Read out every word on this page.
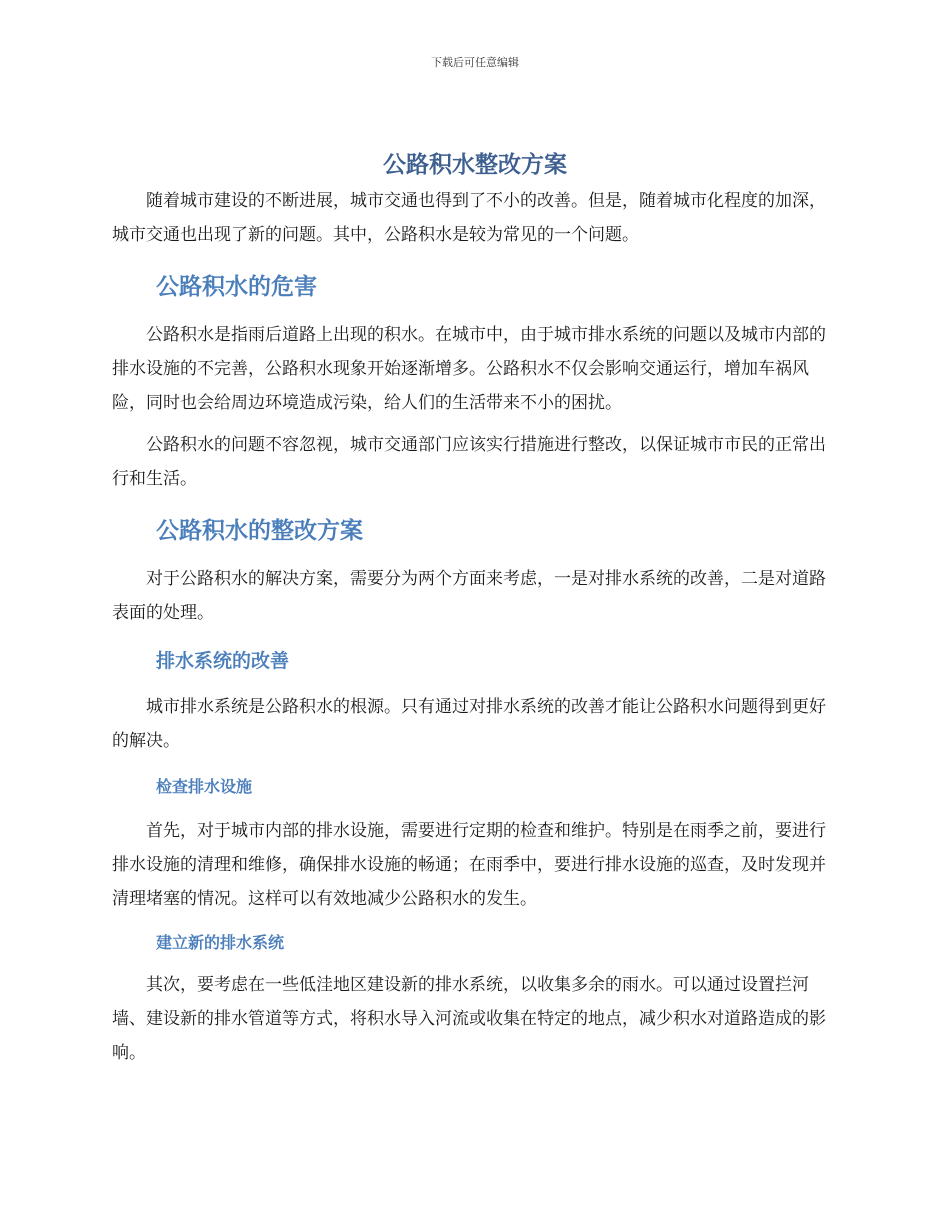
下载后可任意编辑
公路积水整改方案

随着城市建设的不断进展，城市交通也得到了不小的改善。但是，随着城市化程度的加深，城市交通也出现了新的问题。其中，公路积水是较为常见的一个问题。

公路积水的危害

公路积水是指雨后道路上出现的积水。在城市中，由于城市排水系统的问题以及城市内部的排水设施的不完善，公路积水现象开始逐渐增多。公路积水不仅会影响交通运行，增加车祸风险，同时也会给周边环境造成污染，给人们的生活带来不小的困扰。

公路积水的问题不容忽视，城市交通部门应该实行措施进行整改，以保证城市市民的正常出行和生活。

公路积水的整改方案

对于公路积水的解决方案，需要分为两个方面来考虑，一是对排水系统的改善，二是对道路表面的处理。

排水系统的改善

城市排水系统是公路积水的根源。只有通过对排水系统的改善才能让公路积水问题得到更好的解决。

检查排水设施

首先，对于城市内部的排水设施，需要进行定期的检查和维护。特别是在雨季之前，要进行排水设施的清理和维修，确保排水设施的畅通；在雨季中，要进行排水设施的巡查，及时发现并清理堵塞的情况。这样可以有效地减少公路积水的发生。

建立新的排水系统

其次，要考虑在一些低洼地区建设新的排水系统，以收集多余的雨水。可以通过设置拦河墙、建设新的排水管道等方式，将积水导入河流或收集在特定的地点，减少积水对道路造成的影响。
